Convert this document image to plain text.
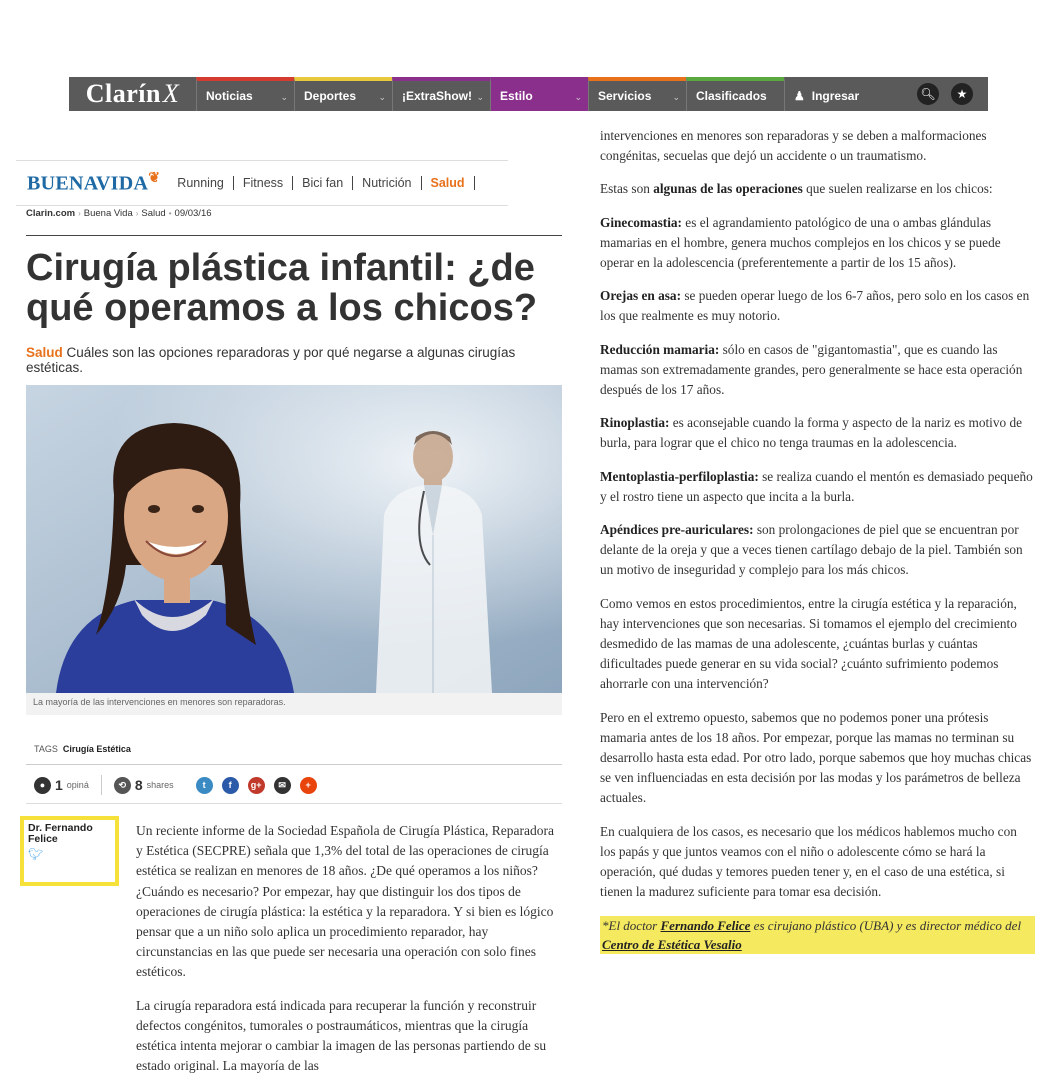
Clarín X Noticias	⌄ Deportes ⌄ ¡ExtraShow! ⌄ Estilo	⌄ Servicios ⌄ Clasificados ♟ Ingresar	🔍︎ ★
BUENAVIDA❦	Running	Fitness	Bici fan	Nutrición	Salud
Clarin.com › Buena Vida › Salud • 09/03/16
Cirugía plástica infantil: ¿de qué operamos a los chicos?
Salud Cuáles son las opciones reparadoras y por qué negarse a algunas cirugías estéticas.
La mayoría de las intervenciones en menores son reparadoras.
TAGS Cirugía Estética
● 1 opiná	⟲ 8 shares	t	f	g+	✉	+
Dr. Fernando Felice
🐦︎

Un reciente informe de la Sociedad Española de Cirugía Plástica, Reparadora y Estética (SECPRE) señala que 1,3% del total de las operaciones de cirugía estética se realizan en menores de 18 años. ¿De qué operamos a los niños? ¿Cuándo es necesario? Por empezar, hay que distinguir los dos tipos de operaciones de cirugía plástica: la estética y la reparadora. Y si bien es lógico pensar que a un niño solo aplica un procedimiento reparador, hay circunstancias en las que puede ser necesaria una operación con solo fines estéticos.

La cirugía reparadora está indicada para recuperar la función y reconstruir defectos congénitos, tumorales o postraumáticos, mientras que la cirugía estética intenta mejorar o cambiar la imagen de las personas partiendo de su estado original. La mayoría de las

intervenciones en menores son reparadoras y se deben a malformaciones congénitas, secuelas que dejó un accidente o un traumatismo.

Estas son algunas de las operaciones que suelen realizarse en los chicos:

Ginecomastia: es el agrandamiento patológico de una o ambas glándulas mamarias en el hombre, genera muchos complejos en los chicos y se puede operar en la adolescencia (preferentemente a partir de los 15 años).

Orejas en asa: se pueden operar luego de los 6-7 años, pero solo en los casos en los que realmente es muy notorio.

Reducción mamaria: sólo en casos de "gigantomastia", que es cuando las mamas son extremadamente grandes, pero generalmente se hace esta operación después de los 17 años.

Rinoplastia: es aconsejable cuando la forma y aspecto de la nariz es motivo de burla, para lograr que el chico no tenga traumas en la adolescencia.

Mentoplastia-perfiloplastia: se realiza cuando el mentón es demasiado pequeño y el rostro tiene un aspecto que incita a la burla.

Apéndices pre-auriculares: son prolongaciones de piel que se encuentran por delante de la oreja y que a veces tienen cartílago debajo de la piel. También son un motivo de inseguridad y complejo para los más chicos.

Como vemos en estos procedimientos, entre la cirugía estética y la reparación, hay intervenciones que son necesarias. Si tomamos el ejemplo del crecimiento desmedido de las mamas de una adolescente, ¿cuántas burlas y cuántas dificultades puede generar en su vida social? ¿cuánto sufrimiento podemos ahorrarle con una intervención?

Pero en el extremo opuesto, sabemos que no podemos poner una prótesis mamaria antes de los 18 años. Por empezar, porque las mamas no terminan su desarrollo hasta esta edad. Por otro lado, porque sabemos que hoy muchas chicas se ven influenciadas en esta decisión por las modas y los parámetros de belleza actuales.

En cualquiera de los casos, es necesario que los médicos hablemos mucho con los papás y que juntos veamos con el niño o adolescente cómo se hará la operación, qué dudas y temores pueden tener y, en el caso de una estética, si tienen la madurez suficiente para tomar esa decisión.

*El doctor Fernando Felice es cirujano plástico (UBA) y es director médico del Centro de Estética Vesalio
